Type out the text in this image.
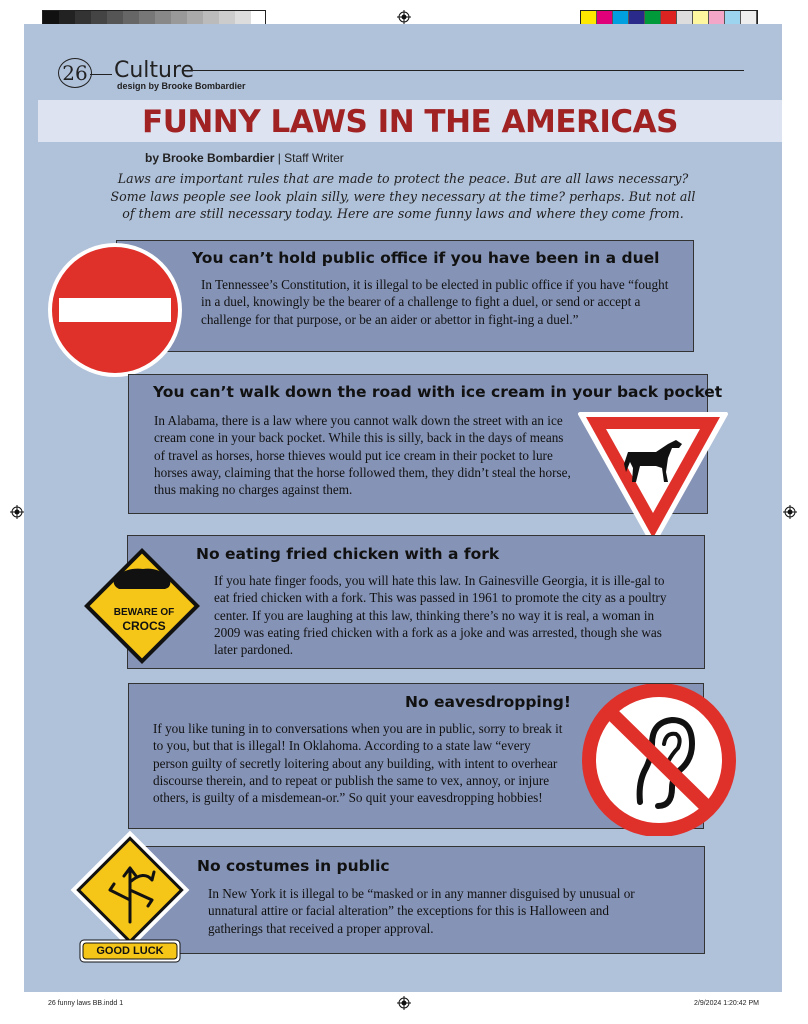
26 Culture
design by Brooke Bombardier
FUNNY LAWS IN THE AMERICAS
by Brooke Bombardier | Staff Writer
Laws are important rules that are made to protect the peace. But are all laws necessary? Some laws people see look plain silly, were they necessary at the time? perhaps. But not all of them are still necessary today. Here are some funny laws and where they come from.
You can’t hold public office if you have been in a duel
In Tennessee’s Constitution, it is illegal to be elected in public office if you have “fought in a duel, knowingly be the bearer of a challenge to fight a duel, or send or accept a challenge for that purpose, or be an aider or abettor in fight-ing a duel.”
You can’t walk down the road with ice cream in your back pocket
In Alabama, there is a law where you cannot walk down the street with an ice cream cone in your back pocket. While this is silly, back in the days of means of travel as horses, horse thieves would put ice cream in their pocket to lure horses away, claiming that the horse followed them, they didn’t steal the horse, thus making no charges against them.
No eating fried chicken with a fork
If you hate finger foods, you will hate this law. In Gainesville Georgia, it is ille-gal to eat fried chicken with a fork. This was passed in 1961 to promote the city as a poultry center. If you are laughing at this law, thinking there’s no way it is real, a woman in 2009 was eating fried chicken with a fork as a joke and was arrested, though she was later pardoned.
BEWARE OF
CROCS
No eavesdropping!
If you like tuning in to conversations when you are in public, sorry to break it to you, but that is illegal! In Oklahoma. According to a state law “every person guilty of secretly loitering about any building, with intent to overhear discourse therein, and to repeat or publish the same to vex, annoy, or injure others, is guilty of a misdemean-or.” So quit your eavesdropping hobbies!
No costumes in public
In New York it is illegal to be “masked or in any manner disguised by unusual or unnatural attire or facial alteration” the exceptions for this is Halloween and gatherings that received a proper approval.
GOOD LUCK
26 funny laws BB.indd 1	2/9/2024 1:20:42 PM
